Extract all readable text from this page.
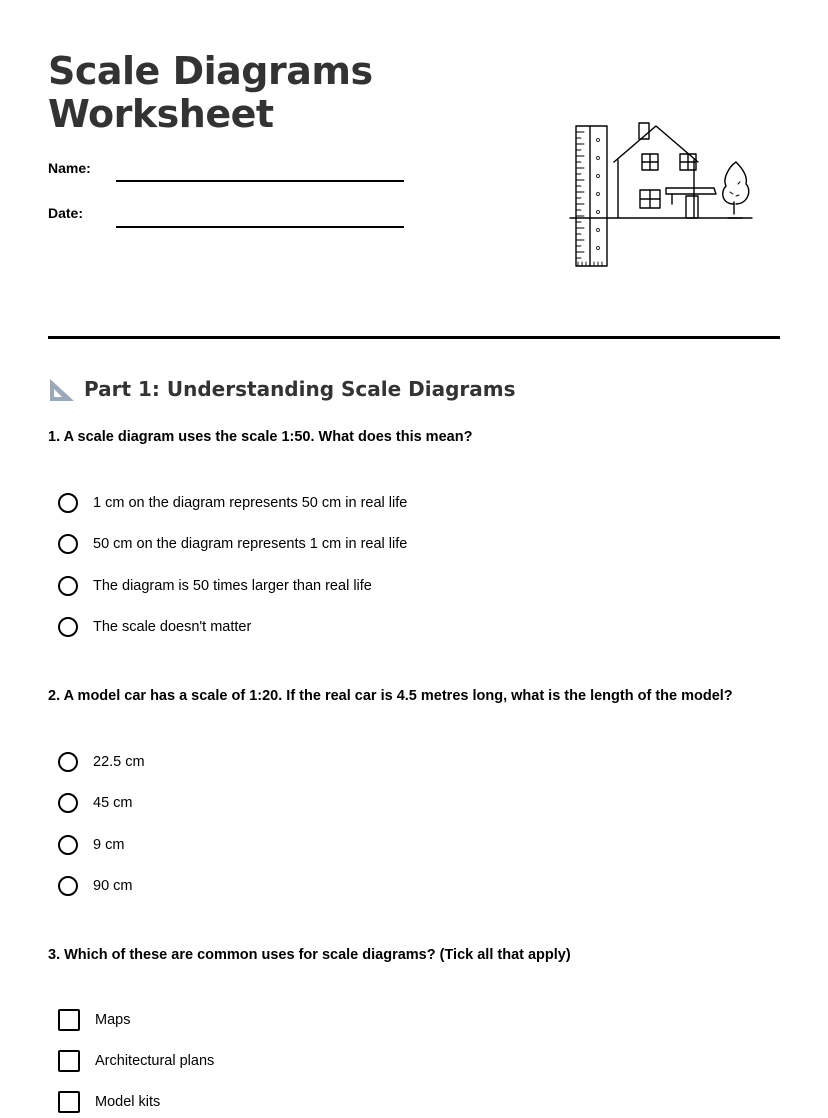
Scale Diagrams
Worksheet
Name:
Date:
Part 1: Understanding Scale Diagrams
1. A scale diagram uses the scale 1:50. What does this mean?
1 cm on the diagram represents 50 cm in real life
50 cm on the diagram represents 1 cm in real life
The diagram is 50 times larger than real life
The scale doesn't matter
2. A model car has a scale of 1:20. If the real car is 4.5 metres long, what is the length of the model?
22.5 cm
45 cm
9 cm
90 cm
3. Which of these are common uses for scale diagrams? (Tick all that apply)
Maps
Architectural plans
Model kits
